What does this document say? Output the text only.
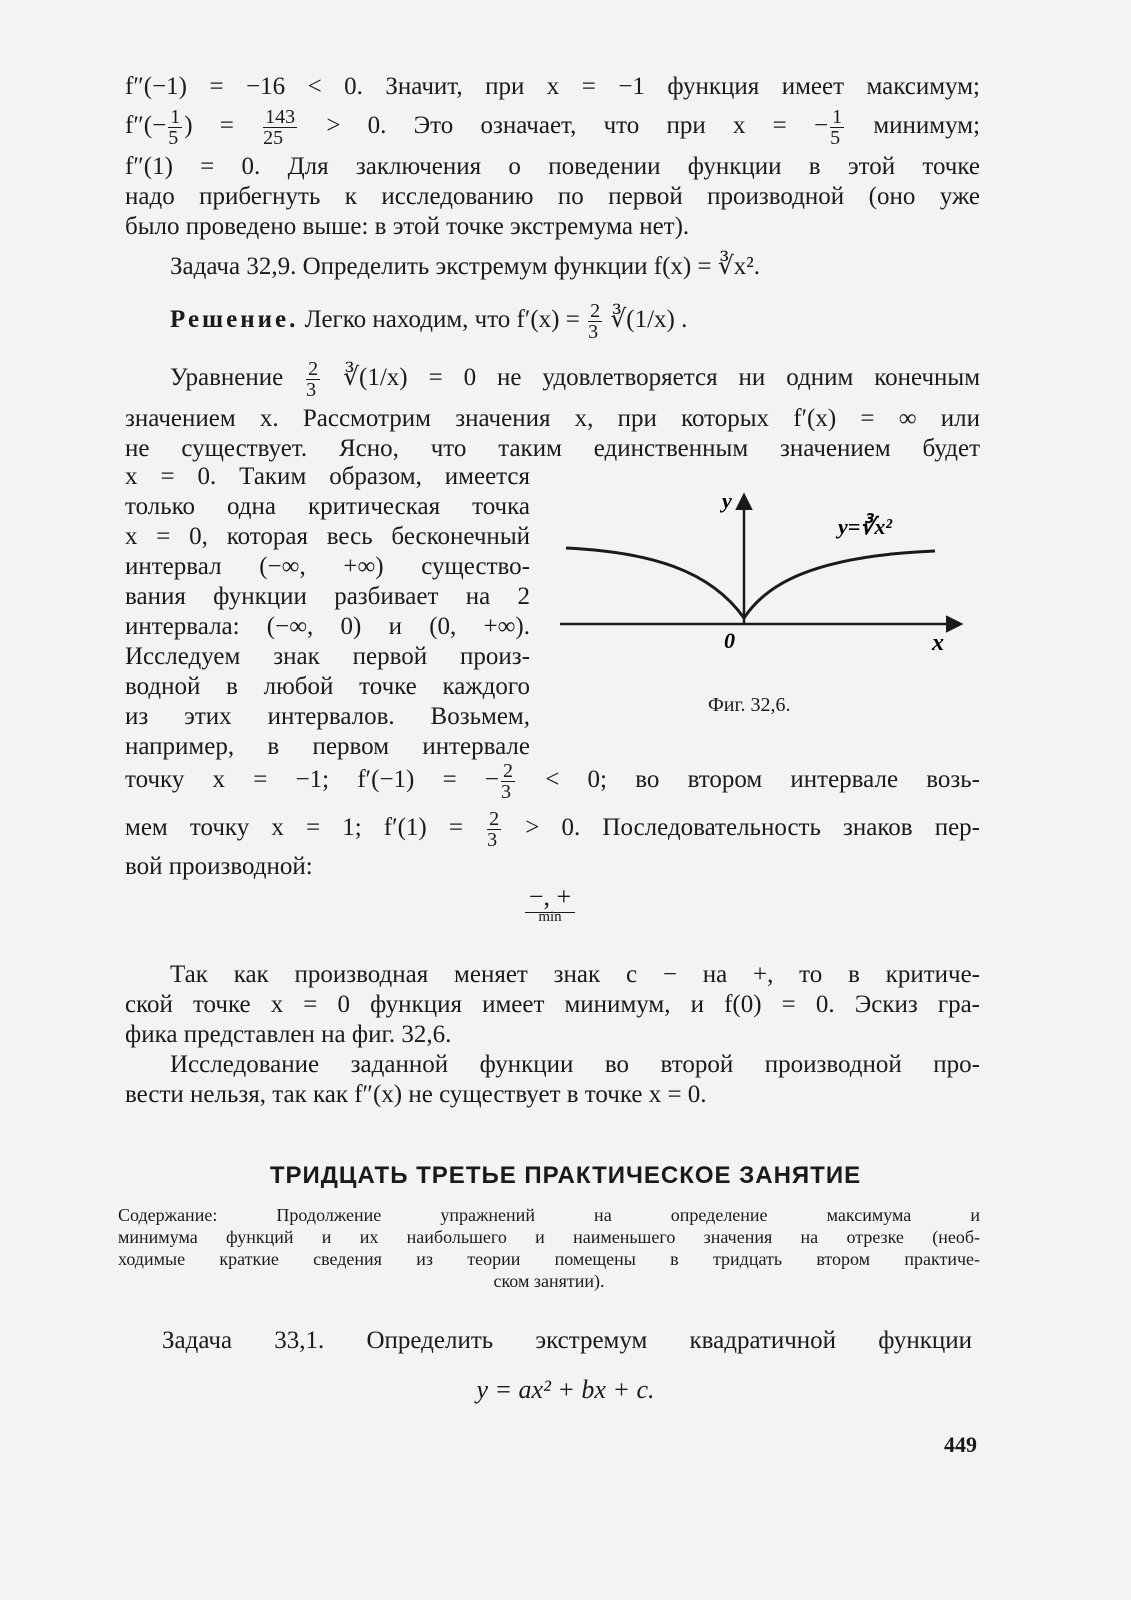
f″(−1) = −16 < 0. Значит, при x = −1 функция имеет максимум;
$f''(- \frac{1}{5}$ ) = $\frac{143}{25} > 0$. Это означает, что при x = − $\frac{1}{5}$ минимум;
f″(1) = 0. Для заключения о поведении функции в этой точке
надо прибегнуть к исследованию по первой производной (оно уже
было проведено выше: в этой точке экстремума нет).
Задача 32,9. Определить экстремум функции f(x) = ∛x².
Решение. Легко находим, что $f'(x) = \frac{2}{3}$ ∛(1/x) .
Уравнение $\frac{2}{3}$ ∛(1/x) = 0 не удовлетворяется ни одним конечным
значением x. Рассмотрим значения x, при которых f′(x) = ∞ или
не существует. Ясно, что таким единственным значением будет
x = 0. Таким образом, имеется
только одна критическая точка
x = 0, которая весь бесконечный
интервал (−∞, +∞) существо-
вания функции разбивает на 2
интервала: (−∞, 0) и (0, +∞).
Исследуем знак первой произ-
водной в любой точке каждого
из этих интервалов. Возьмем,
например, в первом интервале
y
x
0
y=∛x²
Фиг. 32,6.
точку x = −1; f′(−1) = − $\frac{2}{3} < 0$; во втором интервале возь-
мем точку x = 1; $f'(1) = \frac{2}{3} > 0$. Последовательность знаков пер-
вой производной:
−, +
min
Так как производная меняет знак с − на +, то в критиче-
ской точке x = 0 функция имеет минимум, и f(0) = 0. Эскиз гра-
фика представлен на фиг. 32,6.
Исследование заданной функции во второй производной про-
вести нельзя, так как f″(x) не существует в точке x = 0.
ТРИДЦАТЬ ТРЕТЬЕ ПРАКТИЧЕСКОЕ ЗАНЯТИЕ
Содержание: Продолжение упражнений на определение максимума и
минимума функций и их наибольшего и наименьшего значения на отрезке (необ-
ходимые краткие сведения из теории помещены в тридцать втором практиче-
ском занятии).
Задача 33,1. Определить экстремум квадратичной функции
y = ax² + bx + c.
449
